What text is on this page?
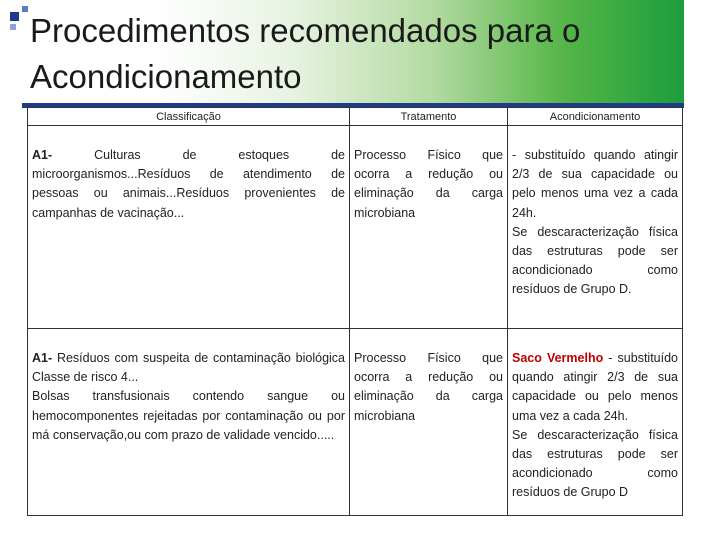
Procedimentos recomendados para o Acondicionamento
Classificação	Tratamento	Acondicionamento
A1- Culturas de estoques de microorganismos...Resíduos de atendimento de pessoas ou animais...Resíduos provenientes de campanhas de vacinação...	Processo Físico que ocorra a redução ou eliminação da carga microbiana	- substituído quando atingir 2/3 de sua capacidade ou pelo menos uma vez a cada 24h.
Se descaracterização física das estruturas pode ser acondicionado como resíduos de Grupo D.

A1- Resíduos com suspeita de contaminação biológica Classe de risco 4...
Bolsas transfusionais contendo sangue ou hemocomponentes rejeitadas por contaminação ou por má conservação,ou com prazo de validade vencido.....	Processo Físico que ocorra a redução ou eliminação da carga microbiana	Saco Vermelho - substituído quando atingir 2/3 de sua capacidade ou pelo menos uma vez a cada 24h.
Se descaracterização física das estruturas pode ser acondicionado como resíduos de Grupo D
